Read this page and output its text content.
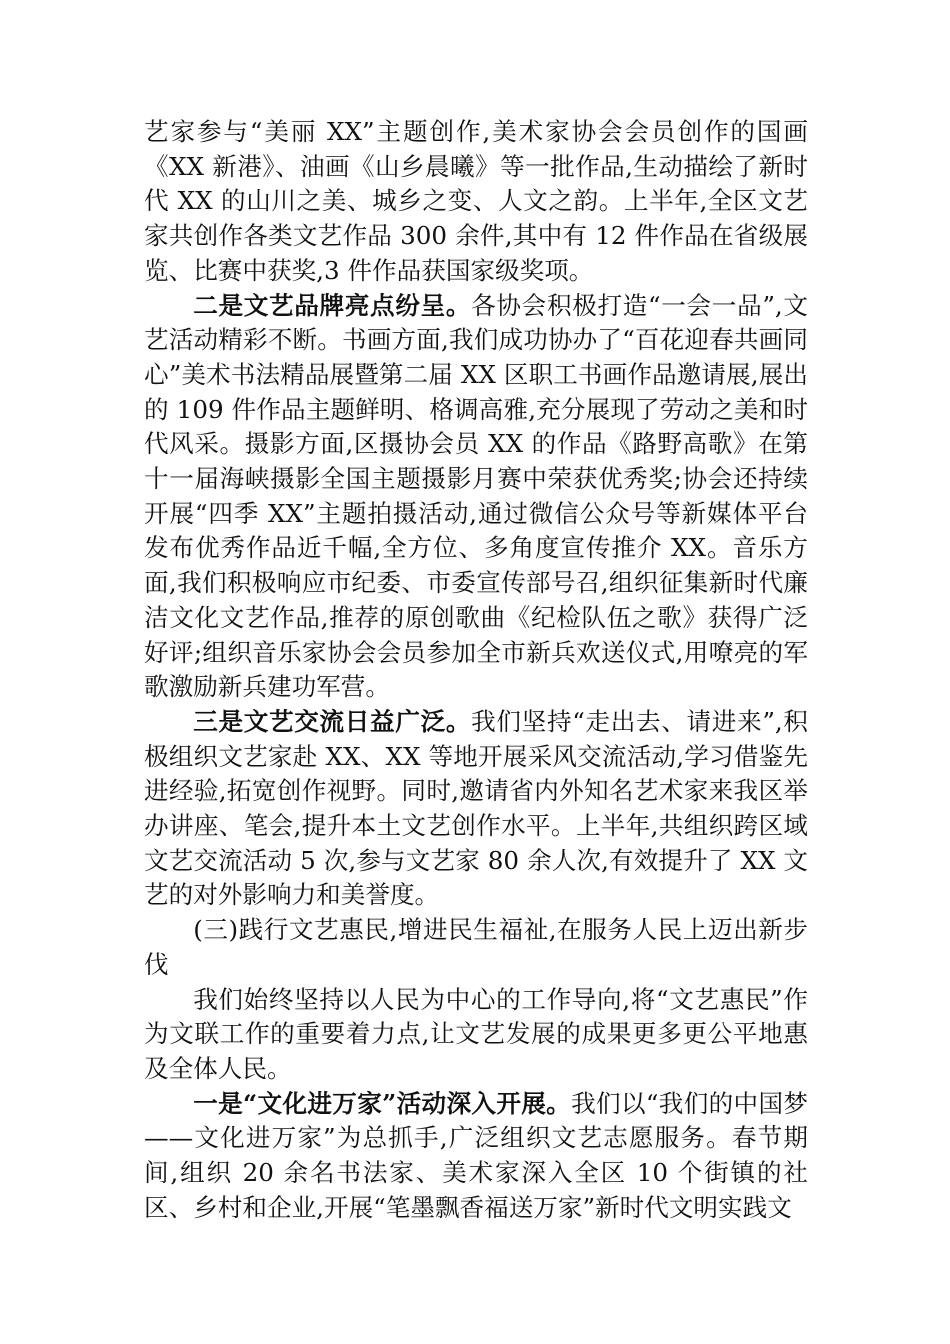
艺家参与“美丽 XX”主题创作,美术家协会会员创作的国画《XX 新港》、油画《山乡晨曦》等一批作品,生动描绘了新时代 XX 的山川之美、城乡之变、人文之韵。上半年,全区文艺家共创作各类文艺作品 300 余件,其中有 12 件作品在省级展览、比赛中获奖,3 件作品获国家级奖项。

二是文艺品牌亮点纷呈。各协会积极打造“一会一品”,文艺活动精彩不断。书画方面,我们成功协办了“百花迎春共画同心”美术书法精品展暨第二届 XX 区职工书画作品邀请展,展出的 109 件作品主题鲜明、格调高雅,充分展现了劳动之美和时代风采。摄影方面,区摄协会员 XX 的作品《路野高歌》在第十一届海峡摄影全国主题摄影月赛中荣获优秀奖;协会还持续开展“四季 XX”主题拍摄活动,通过微信公众号等新媒体平台发布优秀作品近千幅,全方位、多角度宣传推介 XX。音乐方面,我们积极响应市纪委、市委宣传部号召,组织征集新时代廉洁文化文艺作品,推荐的原创歌曲《纪检队伍之歌》获得广泛好评;组织音乐家协会会员参加全市新兵欢送仪式,用嘹亮的军歌激励新兵建功军营。

三是文艺交流日益广泛。我们坚持“走出去、请进来”,积极组织文艺家赴 XX、XX 等地开展采风交流活动,学习借鉴先进经验,拓宽创作视野。同时,邀请省内外知名艺术家来我区举办讲座、笔会,提升本土文艺创作水平。上半年,共组织跨区域文艺交流活动 5 次,参与文艺家 80 余人次,有效提升了 XX 文艺的对外影响力和美誉度。

(三)践行文艺惠民,增进民生福祉,在服务人民上迈出新步伐

我们始终坚持以人民为中心的工作导向,将“文艺惠民”作为文联工作的重要着力点,让文艺发展的成果更多更公平地惠及全体人民。

一是“文化进万家”活动深入开展。我们以“我们的中国梦——文化进万家”为总抓手,广泛组织文艺志愿服务。春节期间,组织 20 余名书法家、美术家深入全区 10 个街镇的社区、乡村和企业,开展“笔墨飘香福送万家”新时代文明实践文
